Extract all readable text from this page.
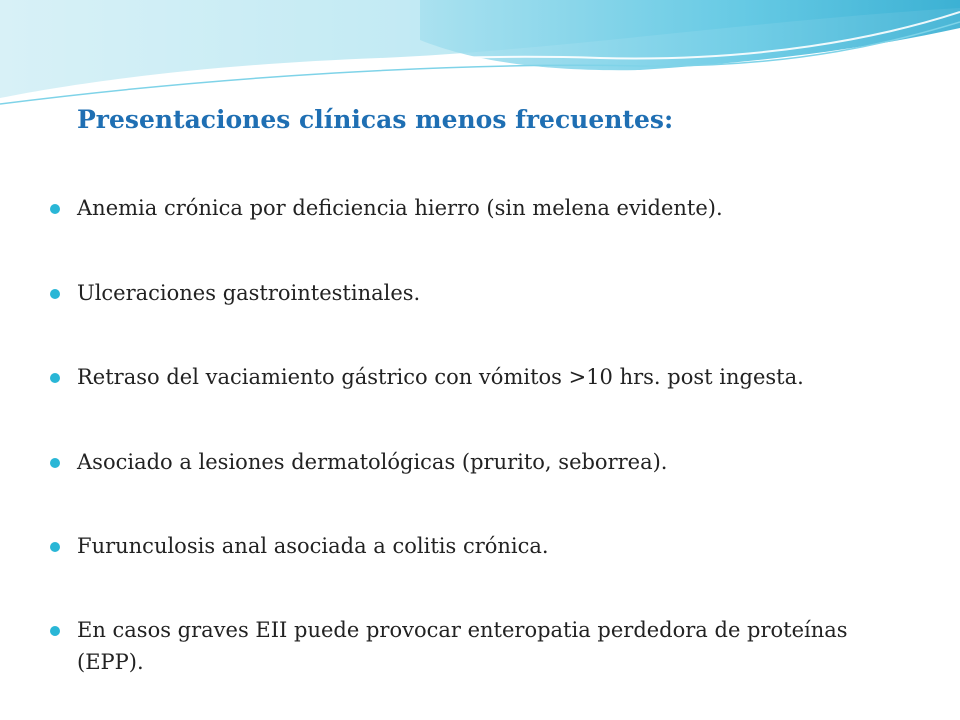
Presentaciones clínicas menos frecuentes:
Anemia crónica por deficiencia hierro (sin melena evidente).
Ulceraciones gastrointestinales.
Retraso del vaciamiento gástrico con vómitos >10 hrs. post ingesta.
Asociado a lesiones dermatológicas (prurito, seborrea).
Furunculosis anal asociada a colitis crónica.
En casos graves EII puede provocar enteropatia perdedora de proteínas (EPP).
